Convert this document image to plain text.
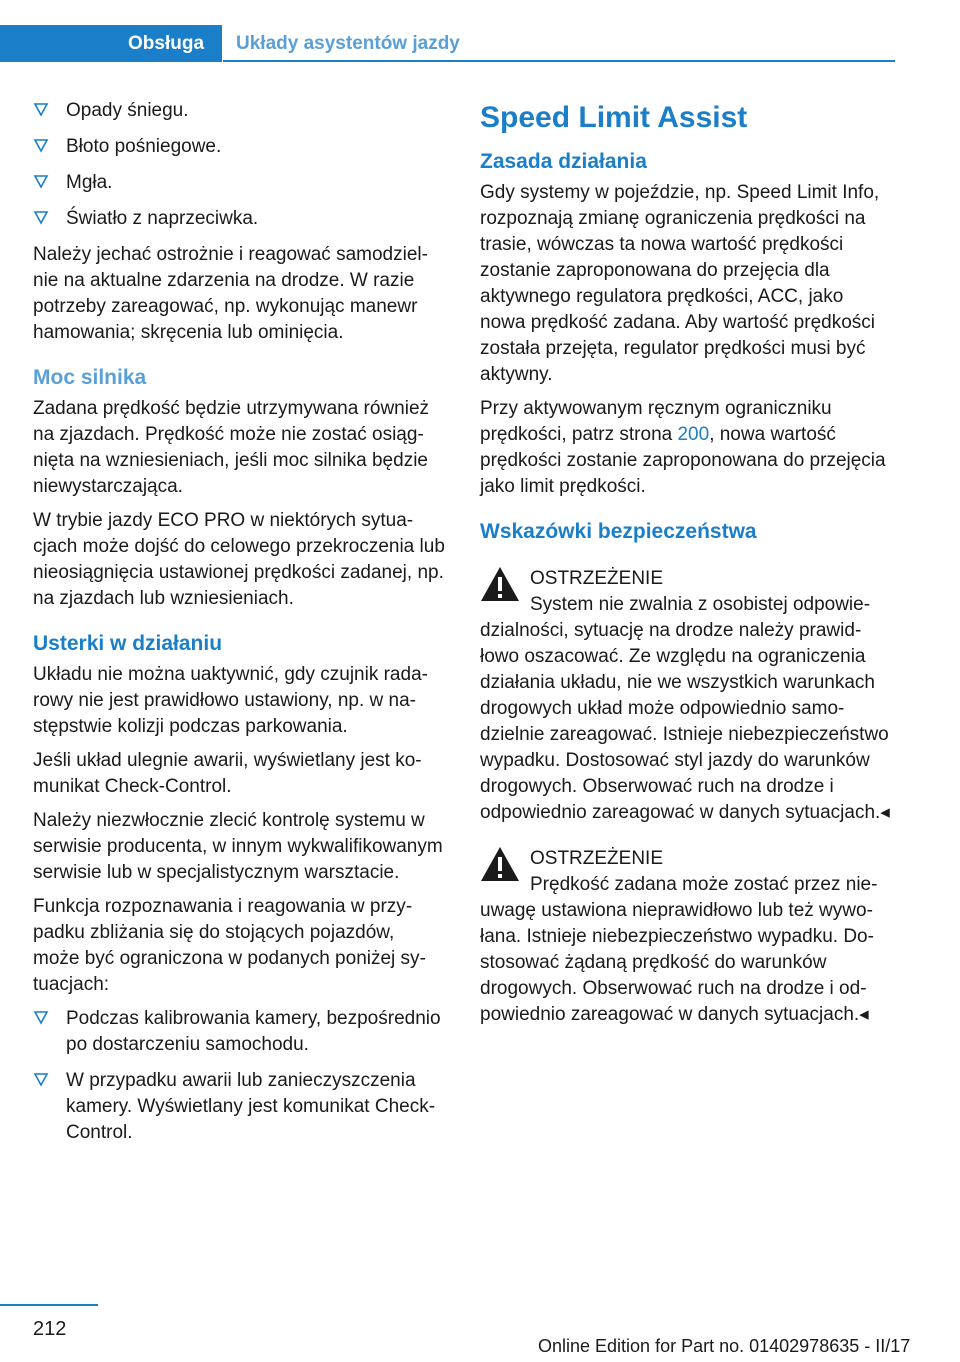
Obsługa	Układy asystentów jazdy
Opady śniegu.
Błoto pośniegowe.
Mgła.
Światło z naprzeciwka.

Należy jechać ostrożnie i reagować samodzielnie na aktualne zdarzenia na drodze. W razie potrzeby zareagować, np. wykonując manewr hamowania; skręcenia lub ominięcia.

Moc silnika

Zadana prędkość będzie utrzymywana również na zjazdach. Prędkość może nie zostać osiągnięta na wzniesieniach, jeśli moc silnika będzie niewystarczająca.

W trybie jazdy ECO PRO w niektórych sytuacjach może dojść do celowego przekroczenia lub nieosiągnięcia ustawionej prędkości zadanej, np. na zjazdach lub wzniesieniach.

Usterki w działaniu

Układu nie można uaktywnić, gdy czujnik radarowy nie jest prawidłowo ustawiony, np. w następstwie kolizji podczas parkowania.

Jeśli układ ulegnie awarii, wyświetlany jest komunikat Check-Control.

Należy niezwłocznie zlecić kontrolę systemu w serwisie producenta, w innym wykwalifikowanym serwisie lub w specjalistycznym warsztacie.

Funkcja rozpoznawania i reagowania w przypadku zbliżania się do stojących pojazdów, może być ograniczona w podanych poniżej sytuacjach:

Podczas kalibrowania kamery, bezpośrednio po dostarczeniu samochodu.
W przypadku awarii lub zanieczyszczenia kamery. Wyświetlany jest komunikat Check-Control.
Speed Limit Assist
Zasada działania

Gdy systemy w pojeździe, np. Speed Limit Info, rozpoznają zmianę ograniczenia prędkości na trasie, wówczas ta nowa wartość prędkości zostanie zaproponowana do przejęcia dla aktywnego regulatora prędkości, ACC, jako nowa prędkość zadana. Aby wartość prędkości została przejęta, regulator prędkości musi być aktywny.

Przy aktywowanym ręcznym ograniczniku prędkości, patrz strona 200, nowa wartość prędkości zostanie zaproponowana do przejęcia jako limit prędkości.

Wskazówki bezpieczeństwa
OSTRZEŻENIE
System nie zwalnia z osobistej odpowiedzialności, sytuację na drodze należy prawidłowo oszacować. Ze względu na ograniczenia działania układu, nie we wszystkich warunkach drogowych układ może odpowiednio samodzielnie zareagować. Istnieje niebezpieczeństwo wypadku. Dostosować styl jazdy do warunków drogowych. Obserwować ruch na drodze i odpowiednio zareagować w danych sytuacjach.◂
OSTRZEŻENIE
Prędkość zadana może zostać przez nieuwagę ustawiona nieprawidłowo lub też wywołana. Istnieje niebezpieczeństwo wypadku. Dostosować żądaną prędkość do warunków drogowych. Obserwować ruch na drodze i odpowiednio zareagować w danych sytuacjach.◂
212
Online Edition for Part no. 01402978635 - II/17
